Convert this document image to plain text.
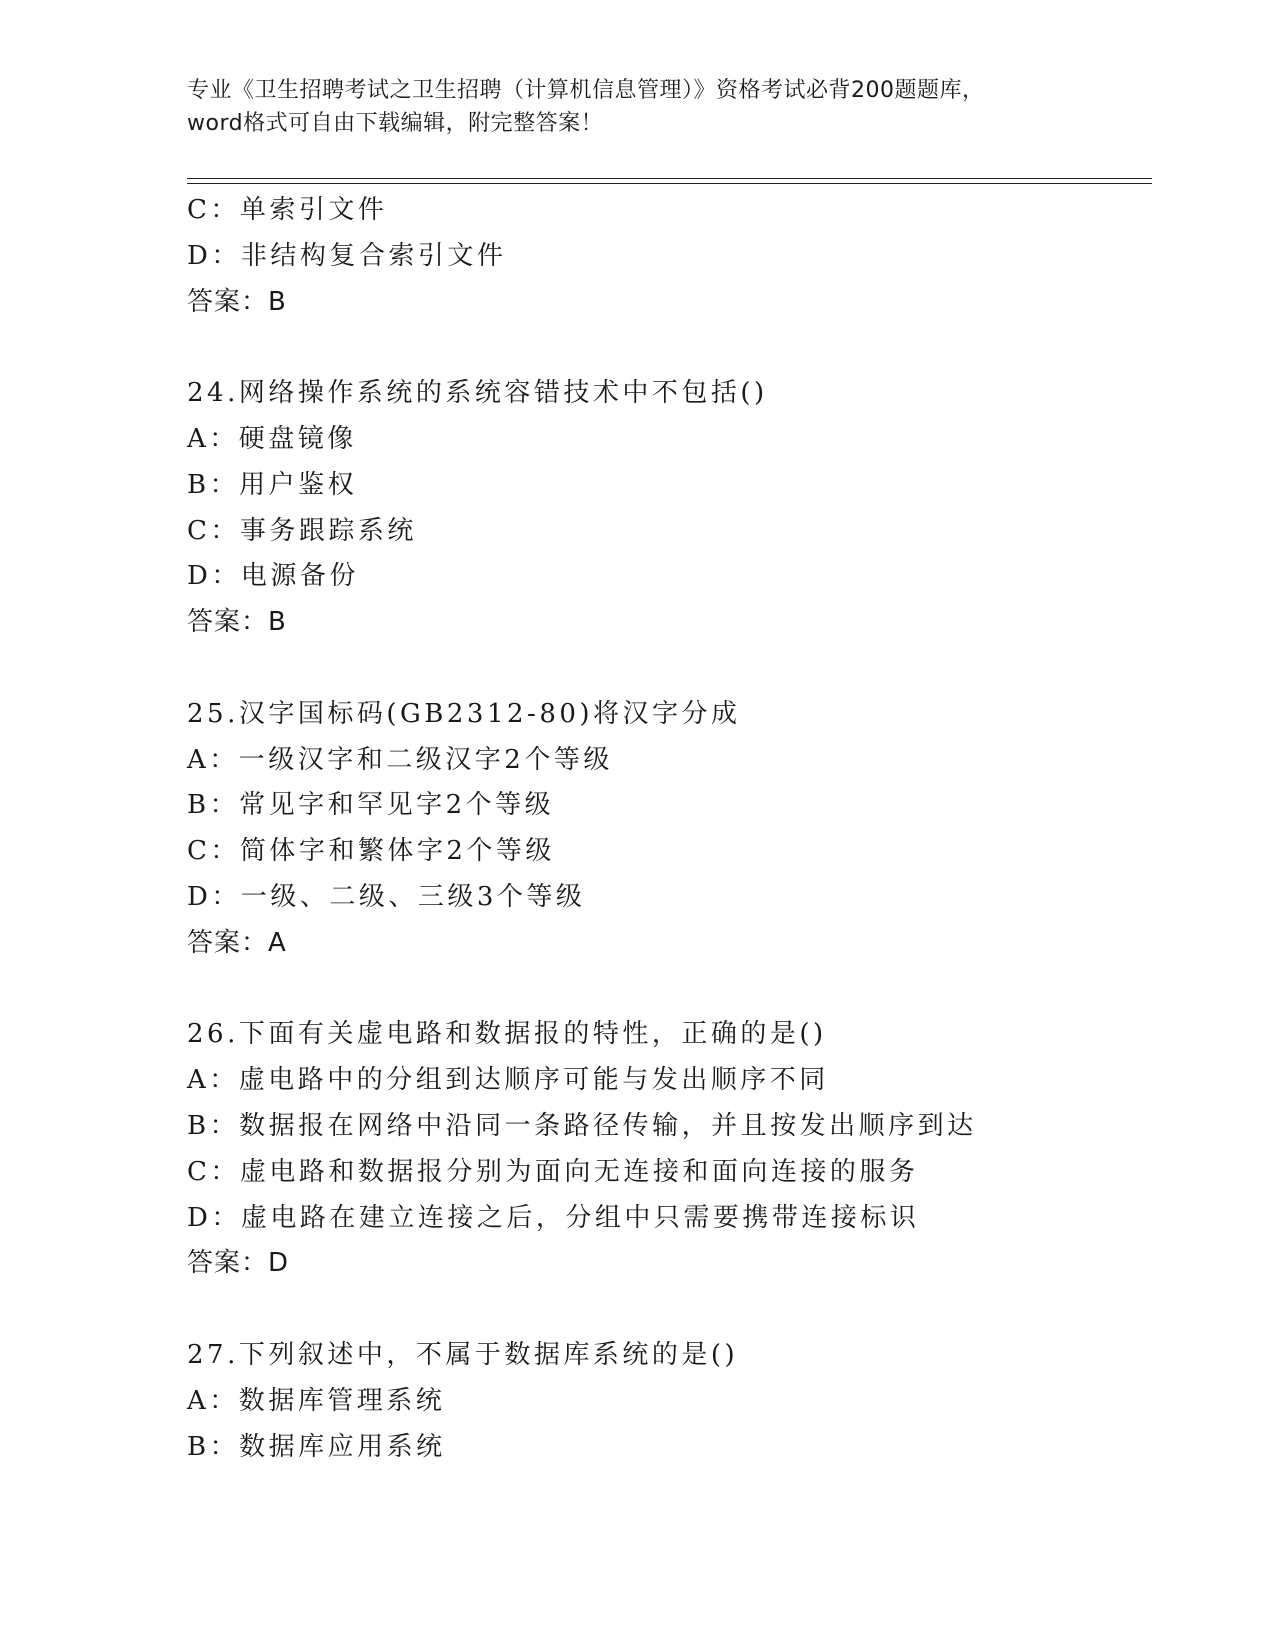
专业《卫生招聘考试之卫生招聘（计算机信息管理）》资格考试必背200题题库，
word格式可自由下载编辑，附完整答案！
C：单索引文件
D：非结构复合索引文件
答案：B
24.网络操作系统的系统容错技术中不包括()
A：硬盘镜像
B：用户鉴权
C：事务跟踪系统
D：电源备份
答案：B
25.汉字国标码(GB2312-80)将汉字分成
A：一级汉字和二级汉字2个等级
B：常见字和罕见字2个等级
C：简体字和繁体字2个等级
D：一级、二级、三级3个等级
答案：A
26.下面有关虚电路和数据报的特性，正确的是()
A：虚电路中的分组到达顺序可能与发出顺序不同
B：数据报在网络中沿同一条路径传输，并且按发出顺序到达
C：虚电路和数据报分别为面向无连接和面向连接的服务
D：虚电路在建立连接之后，分组中只需要携带连接标识
答案：D
27.下列叙述中，不属于数据库系统的是()
A：数据库管理系统
B：数据库应用系统
